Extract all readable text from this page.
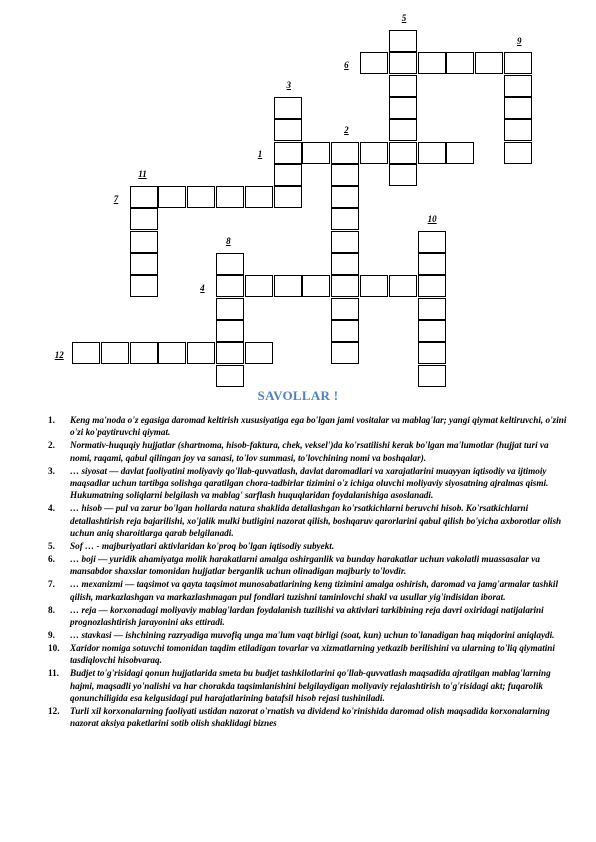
5
9
6
3
2
11
1
7
10
8
4
12
SAVOLLAR !
1.	Keng ma'noda o'z egasiga daromad keltirish xususiyatiga ega bo'lgan jami vositalar va mablag'lar; yangi qiymat keltiruvchi, o'zini o'zi ko'paytiruvchi qiymat.
2.	Normativ-huquqiy hujjatlar (shartnoma, hisob-faktura, chek, veksel')da ko'rsatilishi kerak bo'lgan ma'lumotlar (hujjat turi va nomi, raqami, qabul qilingan joy va sanasi, to'lov summasi, to'lovchining nomi va boshqalar).
3.	… siyosat — davlat faoliyatini moliyaviy qo'llab-quvvatlash, davlat daromadlari va xarajatlarini muayyan iqtisodiy va ijtimoiy maqsadlar uchun tartibga solishga qaratilgan chora-tadbirlar tizimini o'z ichiga oluvchi moliyaviy siyosatning ajralmas qismi. Hukumatning soliqlarni belgilash va mablag' sarflash huquqlaridan foydalanishiga asoslanadi.
4.	… hisob — pul va zarur bo'lgan hollarda natura shaklida detallashgan ko'rsatkichlarni beruvchi hisob. Ko'rsatkichlarni detallashtirish reja bajarilishi, xo'jalik mulki butligini nazorat qilish, boshqaruv qarorlarini qabul qilish bo'yicha axborotlar olish uchun aniq sharoitlarga qarab belgilanadi.
5.	Sof … - majburiyatlari aktivlaridan ko'proq bo'lgan iqtisodiy subyekt.
6.	… boji — yuridik ahamiyatga molik harakatlarni amalga oshirganlik va bunday harakatlar uchun vakolatli muassasalar va mansabdor shaxslar tomonidan hujjatlar berganlik uchun olinadigan majburiy to'lovdir.
7.	… mexanizmi — taqsimot va qayta taqsimot munosabatlarining keng tizimini amalga oshirish, daromad va jamg'armalar tashkil qilish, markazlashgan va markazlashmagan pul fondlari tuzishni taminlovchi shakl va usullar yig'indisidan iborat.
8.	… reja — korxonadagi moliyaviy mablag'lardan foydalanish tuzilishi va aktivlari tarkibining reja davri oxiridagi natijalarini prognozlashtirish jarayonini aks ettiradi.
9.	… stavkasi — ishchining razryadiga muvofiq unga ma'lum vaqt birligi (soat, kun) uchun to'lanadigan haq miqdorini aniqlaydi.
10.	Xaridor nomiga sotuvchi tomonidan taqdim etiladigan tovarlar va xizmatlarning yetkazib berilishini va ularning to'liq qiymatini tasdiqlovchi hisobvaraq.
11.	Budjet to'g'risidagi qonun hujjatlarida smeta bu budjet tashkilotlarini qo'llab-quvvatlash maqsadida ajratilgan mablag'larning hajmi, maqsadli yo'nalishi va har chorakda taqsimlanishini belgilaydigan moliyaviy rejalashtirish to'g'risidagi akt; fuqarolik qonunchiligida esa kelgusidagi pul harajatlarining batafsil hisob rejasi tushiniladi.
12.	Turli xil korxonalarning faoliyati ustidan nazorat o'rnatish va dividend ko'rinishida daromad olish maqsadida korxonalarning nazorat aksiya paketlarini sotib olish shaklidagi biznes
